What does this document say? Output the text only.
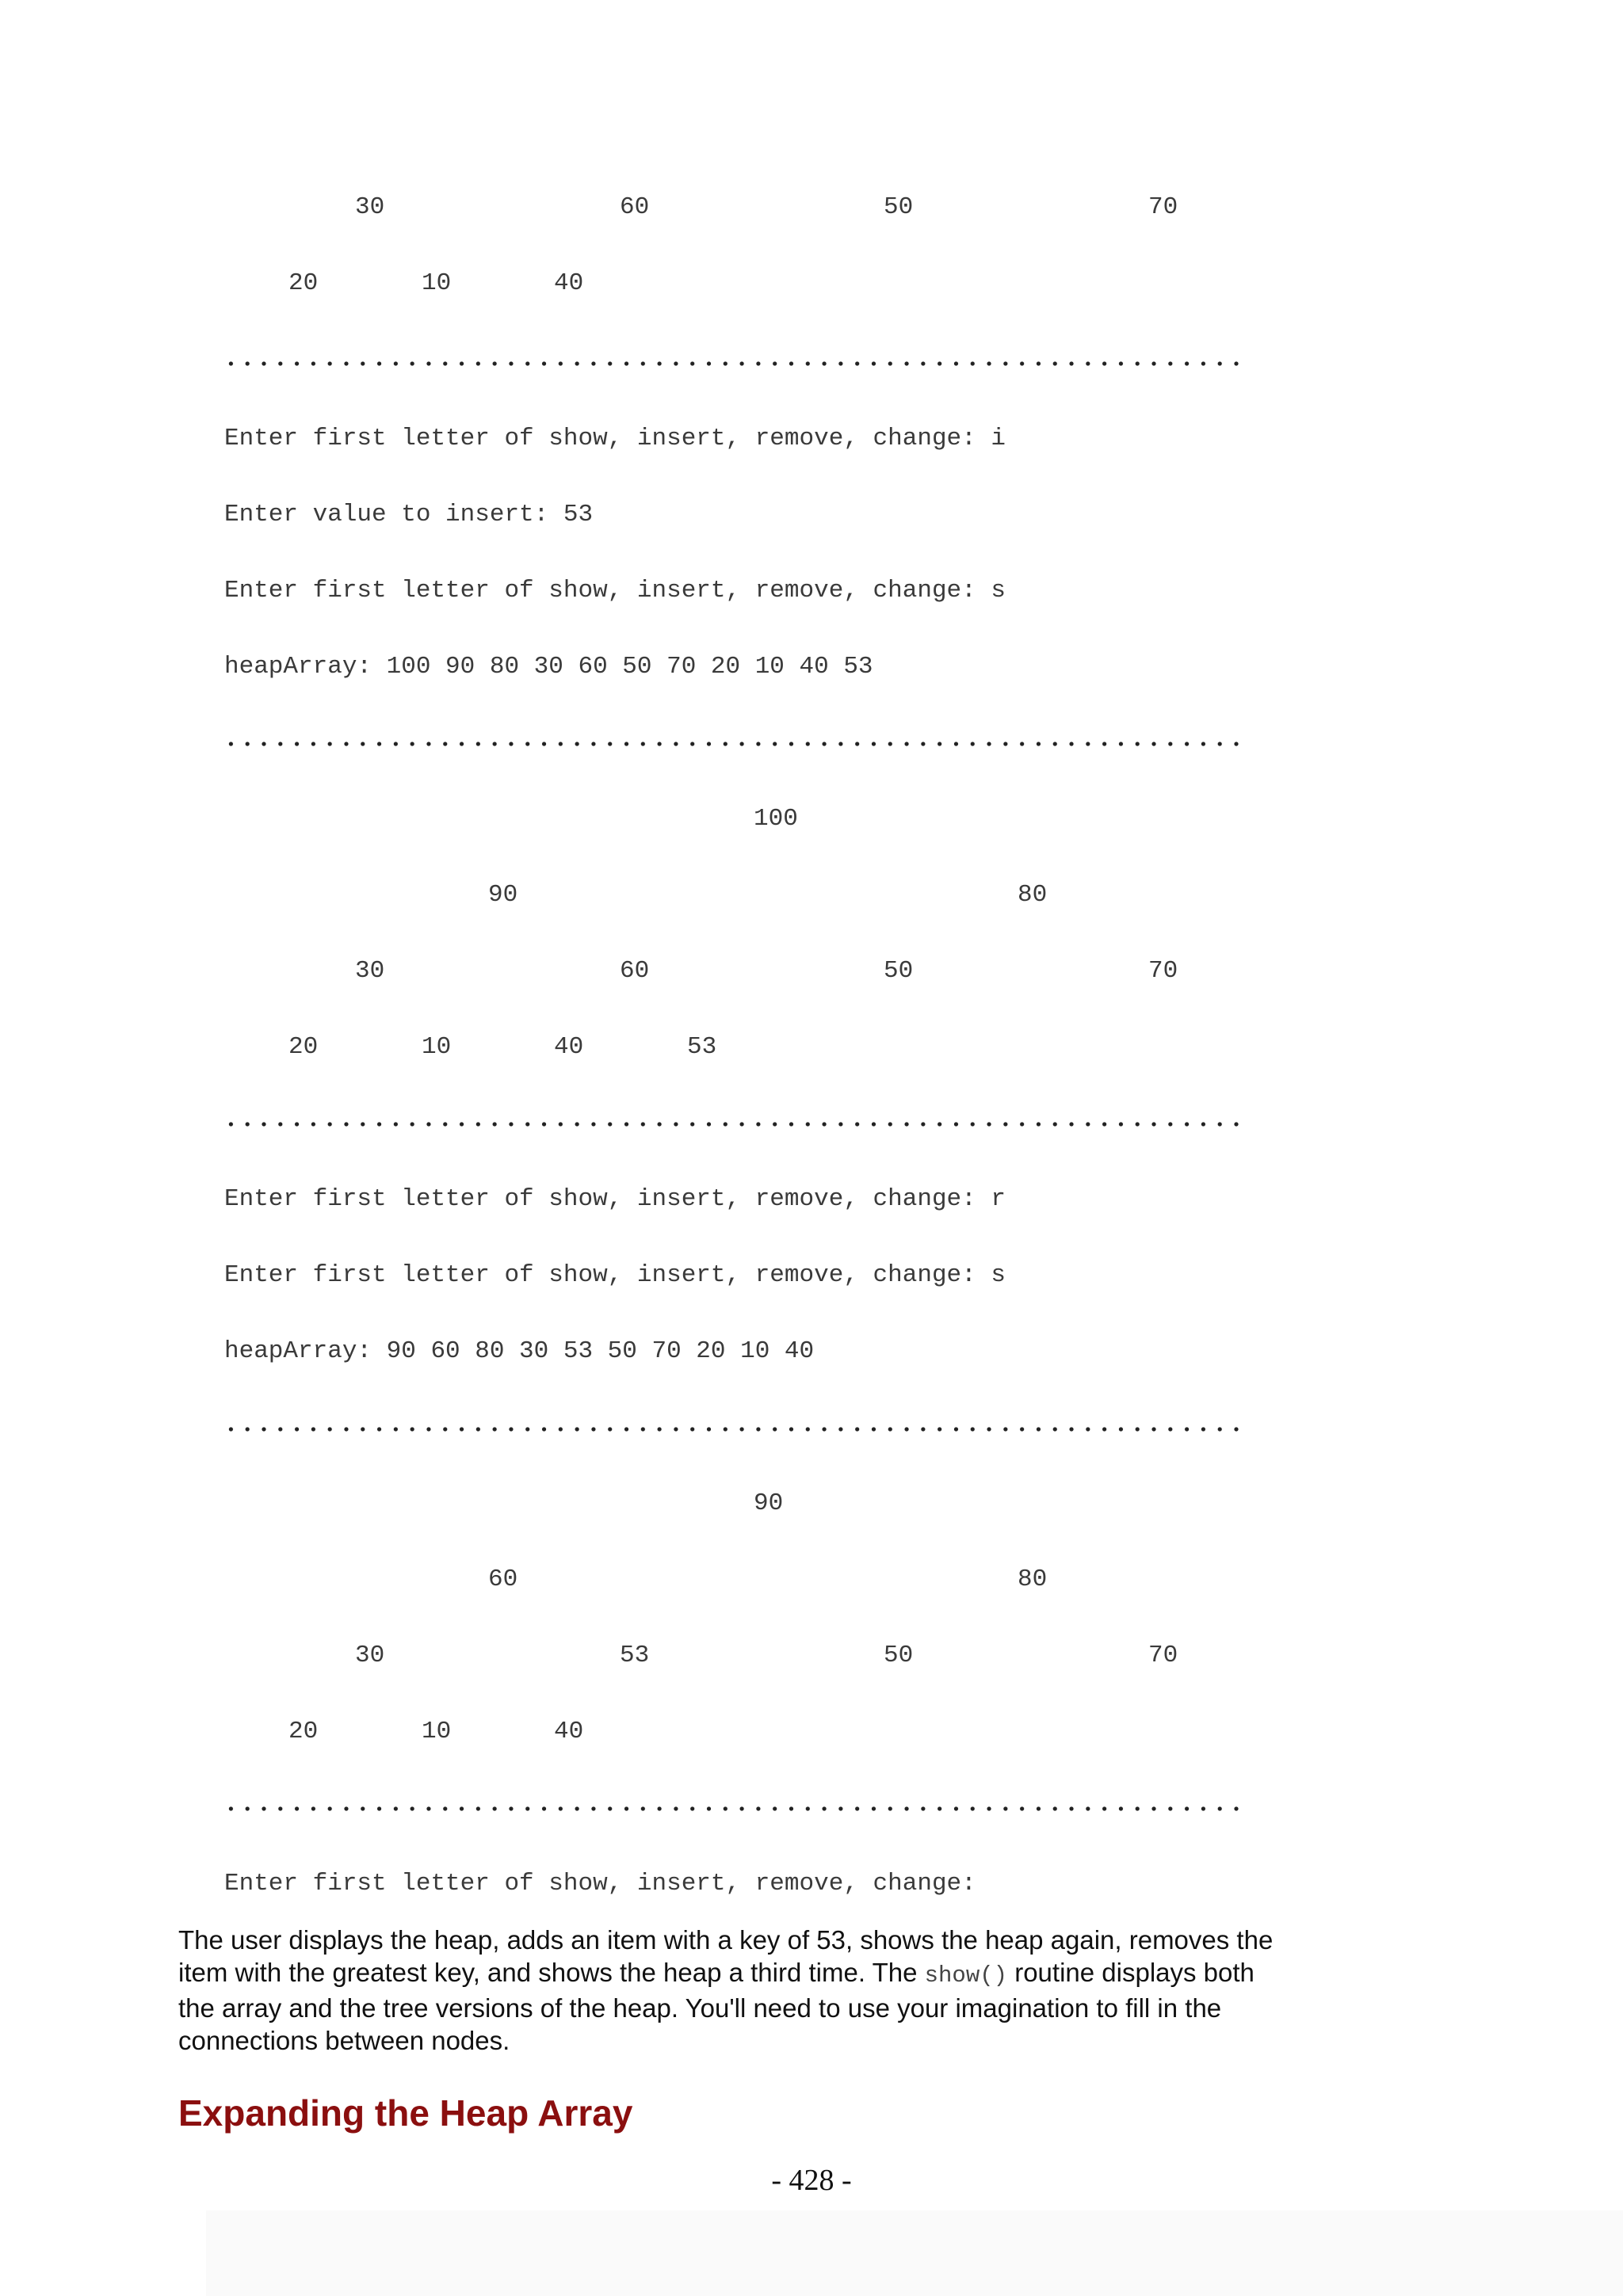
30

	60

	50

	70

20

	10

	40

Enter first letter of show, insert, remove, change: i
Enter value to insert: 53
Enter first letter of show, insert, remove, change: s
heapArray: 100 90 80 30 60 50 70 20 10 40 53

100

90

	80

30

	60

	50

	70

20

	10

	40

	53

Enter first letter of show, insert, remove, change: r
Enter first letter of show, insert, remove, change: s
heapArray: 90 60 80 30 53 50 70 20 10 40

90

60

	80

30

	53

	50

	70

20

	10

	40

Enter first letter of show, insert, remove, change:

The user displays the heap, adds an item with a key of 53, shows the heap again, removes the item with the greatest key, and shows the heap a third time. The show() routine displays both the array and the tree versions of the heap. You'll need to use your imagination to fill in the connections between nodes.

Expanding the Heap Array
- 428 -
